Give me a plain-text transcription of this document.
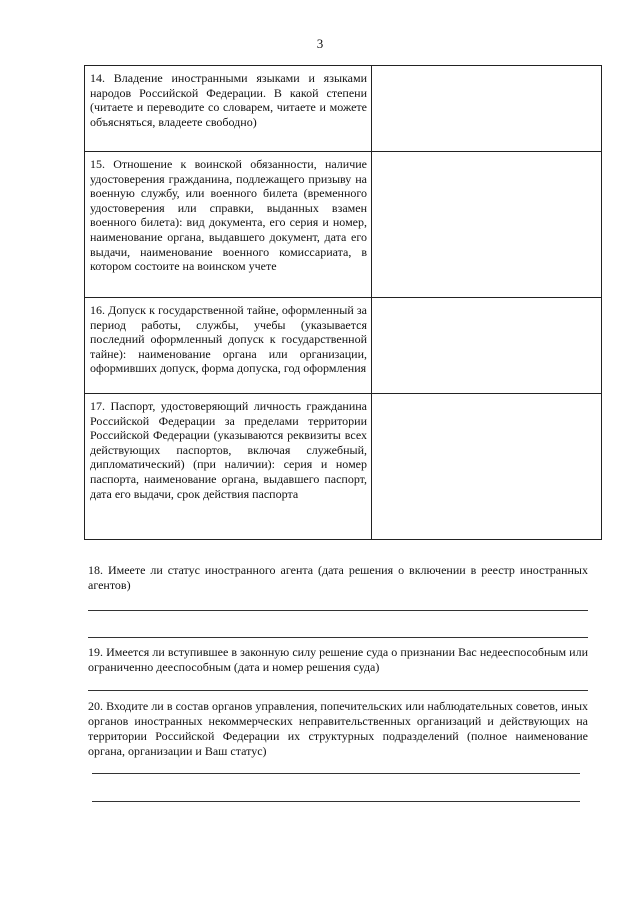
3
14. Владение иностранными языками и языками народов Российской Федерации. В какой степени (читаете и переводите со словарем, читаете и можете объясняться, владеете свободно)	

15. Отношение к воинской обязанности, наличие удостоверения гражданина, подлежащего призыву на военную службу, или военного билета (временного удостоверения или справки, выданных взамен военного билета): вид документа, его серия и номер, наименование органа, выдавшего документ, дата его выдачи, наименование военного комиссариата, в котором состоите на воинском учете	

16. Допуск к государственной тайне, оформленный за период работы, службы, учебы (указывается последний оформленный допуск к государственной тайне): наименование органа или организации, оформивших допуск, форма допуска, год оформления	

17. Паспорт, удостоверяющий личность гражданина Российской Федерации за пределами территории Российской Федерации (указываются реквизиты всех действующих паспортов, включая служебный, дипломатический) (при наличии): серия и номер паспорта, наименование органа, выдавшего паспорт, дата его выдачи, срок действия паспорта	

18. Имеете ли статус иностранного агента (дата решения о включении в реестр иностранных агентов)
19. Имеется ли вступившее в законную силу решение суда о признании Вас недееспособным или ограниченно дееспособным (дата и номер решения суда)
20. Входите ли в состав органов управления, попечительских или наблюдательных советов, иных органов иностранных некоммерческих неправительственных организаций и действующих на территории Российской Федерации их структурных подразделений (полное наименование органа, организации и Ваш статус)
